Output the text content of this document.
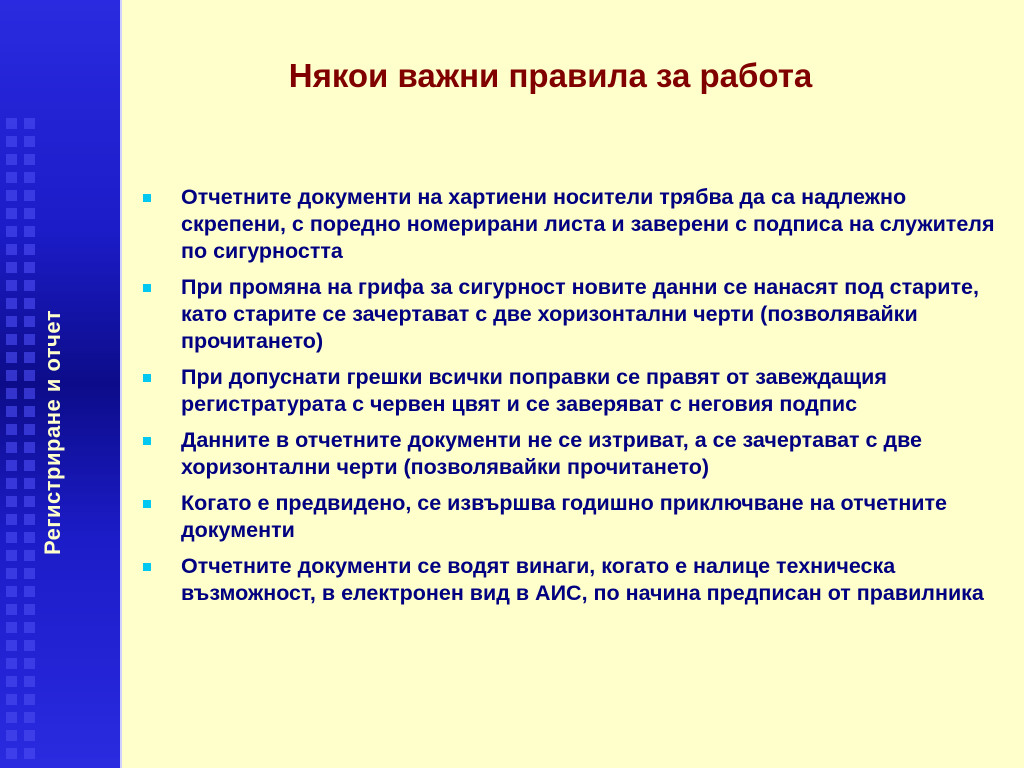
Регистриране и отчет
Някои важни правила за работа
Отчетните документи на хартиени носители трябва да са надлежно скрепени, с поредно номерирани листа и заверени с подписа на служителя по сигурността
При промяна на грифа за сигурност новите данни се нанасят под старите, като старите се зачертават с две хоризонтални черти (позволявайки прочитането)
При допуснати грешки всички поправки се правят от завеждащия регистратурата с червен цвят и се заверяват с неговия подпис
Данните в отчетните документи не се изтриват, а се зачертават с две хоризонтални черти (позволявайки прочитането)
Когато е предвидено, се извършва годишно приключване на отчетните документи
Отчетните документи се водят винаги, когато е налице техническа възможност, в електронен вид в АИС, по начина предписан от правилника
